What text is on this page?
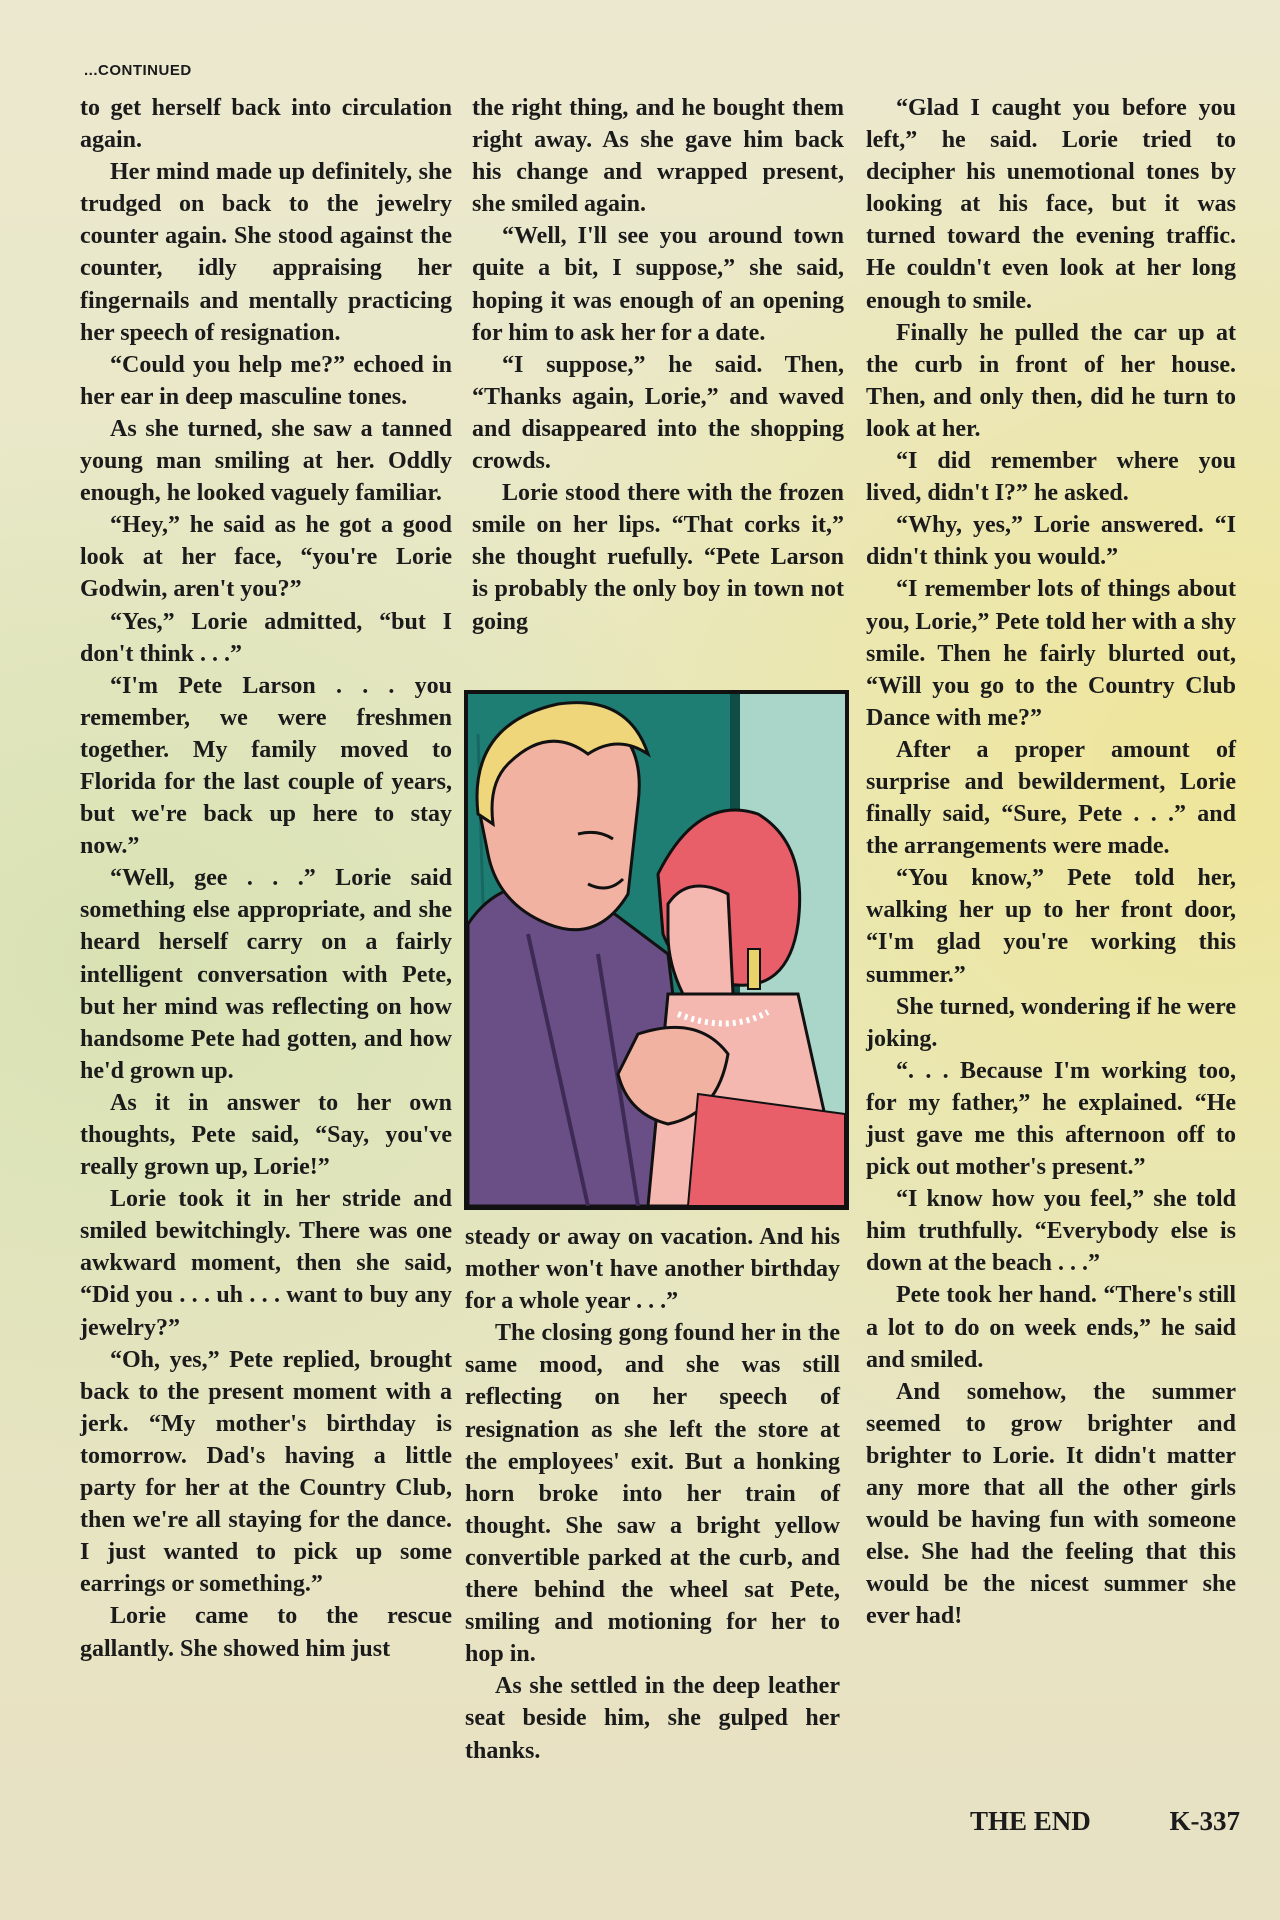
...CONTINUED

to get herself back into circulation again.

Her mind made up definitely, she trudged on back to the jewelry counter again. She stood against the counter, idly appraising her fingernails and mentally practicing her speech of resignation.

“Could you help me?” echoed in her ear in deep masculine tones.

As she turned, she saw a tanned young man smiling at her. Oddly enough, he looked vaguely familiar.

“Hey,” he said as he got a good look at her face, “you're Lorie Godwin, aren't you?”

“Yes,” Lorie admitted, “but I don't think . . .”

“I'm Pete Larson . . . you remember, we were freshmen together. My family moved to Florida for the last couple of years, but we're back up here to stay now.”

“Well, gee . . .” Lorie said something else appropriate, and she heard herself carry on a fairly intelligent conversation with Pete, but her mind was reflecting on how handsome Pete had gotten, and how he'd grown up.

As it in answer to her own thoughts, Pete said, “Say, you've really grown up, Lorie!”

Lorie took it in her stride and smiled bewitchingly. There was one awkward moment, then she said, “Did you . . . uh . . . want to buy any jewelry?”

“Oh, yes,” Pete replied, brought back to the present moment with a jerk. “My mother's birthday is tomorrow. Dad's having a little party for her at the Country Club, then we're all staying for the dance. I just wanted to pick up some earrings or something.”

Lorie came to the rescue gallantly. She showed him just

the right thing, and he bought them right away. As she gave him back his change and wrapped present, she smiled again.

“Well, I'll see you around town quite a bit, I suppose,” she said, hoping it was enough of an opening for him to ask her for a date.

“I suppose,” he said. Then, “Thanks again, Lorie,” and waved and disappeared into the shopping crowds.

Lorie stood there with the frozen smile on her lips. “That corks it,” she thought ruefully. “Pete Larson is probably the only boy in town not going

steady or away on vacation. And his mother won't have another birthday for a whole year . . .”

The closing gong found her in the same mood, and she was still reflecting on her speech of resignation as she left the store at the employees' exit. But a honking horn broke into her train of thought. She saw a bright yellow convertible parked at the curb, and there behind the wheel sat Pete, smiling and motioning for her to hop in.

As she settled in the deep leather seat beside him, she gulped her thanks.

“Glad I caught you before you left,” he said. Lorie tried to decipher his unemotional tones by looking at his face, but it was turned toward the evening traffic. He couldn't even look at her long enough to smile.

Finally he pulled the car up at the curb in front of her house. Then, and only then, did he turn to look at her.

“I did remember where you lived, didn't I?” he asked.

“Why, yes,” Lorie answered. “I didn't think you would.”

“I remember lots of things about you, Lorie,” Pete told her with a shy smile. Then he fairly blurted out, “Will you go to the Country Club Dance with me?”

After a proper amount of surprise and bewilderment, Lorie finally said, “Sure, Pete . . .” and the arrangements were made.

“You know,” Pete told her, walking her up to her front door, “I'm glad you're working this summer.”

She turned, wondering if he were joking.

“. . . Because I'm working too, for my father,” he explained. “He just gave me this afternoon off to pick out mother's present.”

“I know how you feel,” she told him truthfully. “Everybody else is down at the beach . . .”

Pete took her hand. “There's still a lot to do on week ends,” he said and smiled.

And somehow, the summer seemed to grow brighter and brighter to Lorie. It didn't matter any more that all the other girls would be having fun with someone else. She had the feeling that this would be the nicest summer she ever had!

THE END	K-337
